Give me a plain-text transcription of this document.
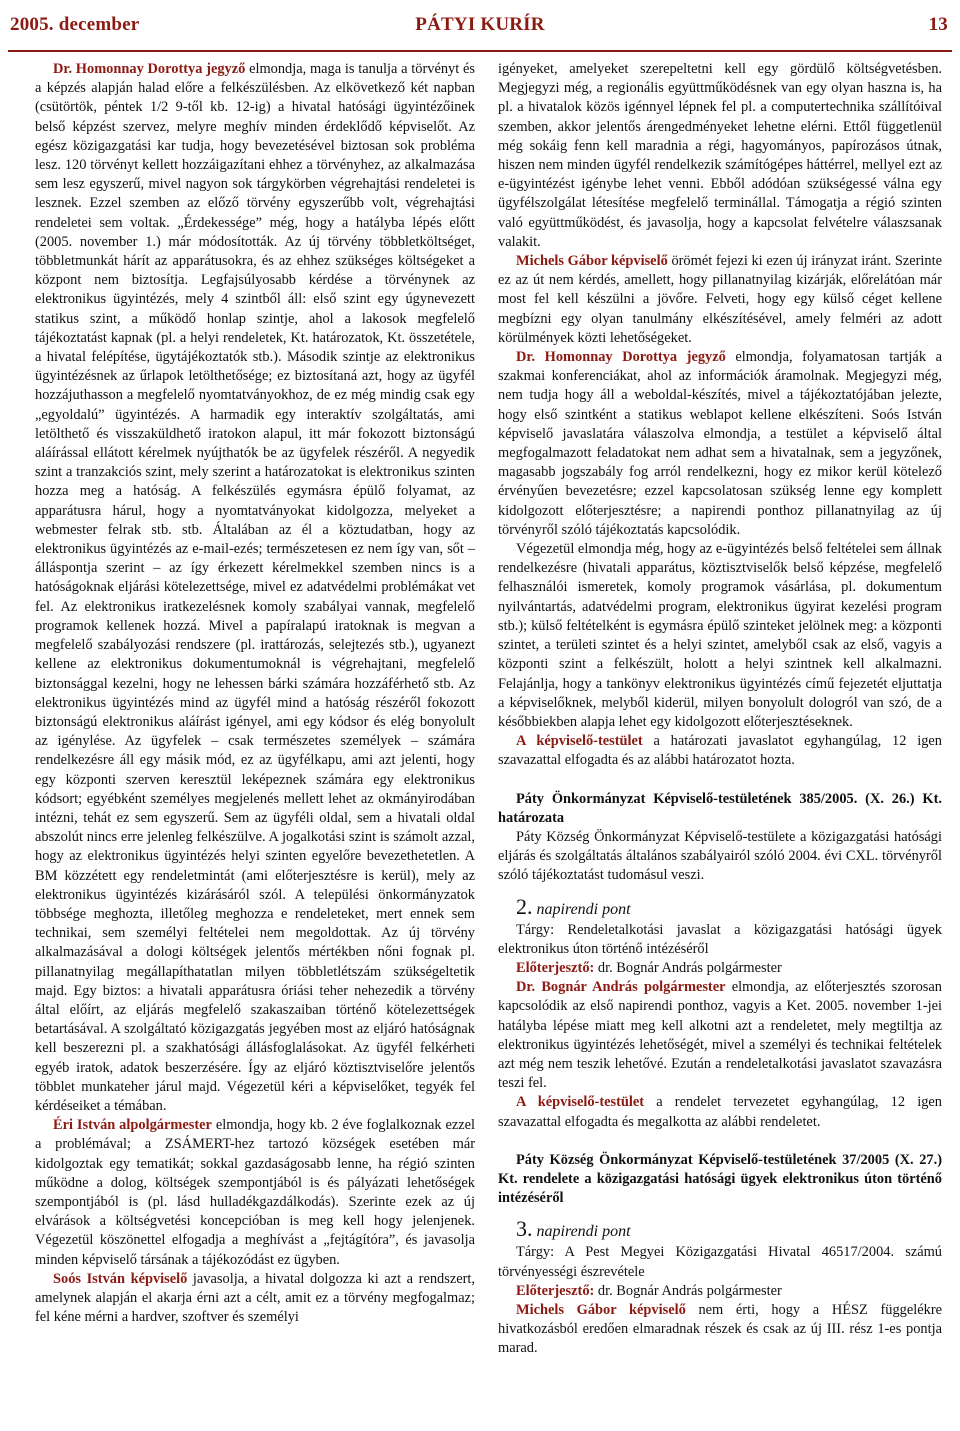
2005. december	PÁTYI KURÍR	13

Dr. Homonnay Dorottya jegyző elmondja, maga is tanulja a törvényt és a képzés alapján halad előre a felkészülésben. Az elkövetkező két napban (csütörtök, péntek 1/2 9-től kb. 12-ig) a hivatal hatósági ügyintézőinek belső képzést szervez, melyre meghív minden érdeklődő képviselőt. Az egész közigazgatási kar tudja, hogy bevezetésével biztosan sok probléma lesz. 120 törvényt kellett hozzáigazítani ehhez a törvényhez, az alkalmazása sem lesz egyszerű, mivel nagyon sok tárgykörben végrehajtási rendeletei is lesznek. Ezzel szemben az előző törvény egyszerűbb volt, végrehajtási rendeletei sem voltak. „Érdekessége” még, hogy a hatályba lépés előtt (2005. november 1.) már módosították. Az új törvény többletköltséget, többletmunkát hárít az apparátusokra, és az ehhez szükséges költségeket a központ nem biztosítja. Legfajsúlyosabb kérdése a törvénynek az elektronikus ügyintézés, mely 4 szintből áll: első szint egy úgynevezett statikus szint, a működő honlap szintje, ahol a lakosok megfelelő tájékoztatást kapnak (pl. a helyi rendeletek, Kt. határozatok, Kt. összetétele, a hivatal felépítése, ügytájékoztatók stb.). Második szintje az elektronikus ügyintézésnek az űrlapok letölthetősége; ez biztosítaná azt, hogy az ügyfél hozzájuthasson a megfelelő nyomtatványokhoz, de ez még mindig csak egy „egyoldalú” ügyintézés. A harmadik egy interaktív szolgáltatás, ami letölthető és visszaküldhető iratokon alapul, itt már fokozott biztonságú aláírással ellátott kérelmek nyújthatók be az ügyfelek részéről. A negyedik szint a tranzakciós szint, mely szerint a határozatokat is elektronikus szinten hozza meg a hatóság. A felkészülés egymásra épülő folyamat, az apparátusra hárul, hogy a nyomtatványokat kidolgozza, melyeket a webmester felrak stb. stb. Általában az él a köztudatban, hogy az elektronikus ügyintézés az e-mail-ezés; természetesen ez nem így van, sőt – álláspontja szerint – az így érkezett kérelmekkel szemben nincs is a hatóságoknak eljárási kötelezettsége, mivel ez adatvédelmi problémákat vet fel. Az elektronikus iratkezelésnek komoly szabályai vannak, megfelelő programok kellenek hozzá. Mivel a papíralapú iratoknak is megvan a megfelelő szabályozási rendszere (pl. irattározás, selejtezés stb.), ugyanezt kellene az elektronikus dokumentumoknál is végrehajtani, megfelelő biztonsággal kezelni, hogy ne lehessen bárki számára hozzáférhető stb. Az elektronikus ügyintézés mind az ügyfél mind a hatóság részéről fokozott biztonságú elektronikus aláírást igényel, ami egy kódsor és elég bonyolult az igénylése. Az ügyfelek – csak természetes személyek – számára rendelkezésre áll egy másik mód, ez az ügyfélkapu, ami azt jelenti, hogy egy központi szerven keresztül leképeznek számára egy elektronikus kódsort; egyébként személyes megjelenés mellett lehet az okmányirodában intézni, tehát ez sem egyszerű. Sem az ügyféli oldal, sem a hivatali oldal abszolút nincs erre jelenleg felkészülve. A jogalkotási szint is számolt azzal, hogy az elektronikus ügyintézés helyi szinten egyelőre bevezethetetlen. A BM közzétett egy rendeletmintát (ami előterjesztésre is kerül), mely az elektronikus ügyintézés kizárásáról szól. A települési önkormányzatok többsége meghozta, illetőleg meghozza e rendeleteket, mert ennek sem technikai, sem személyi feltételei nem megoldottak. Az új törvény alkalmazásával a dologi költségek jelentős mértékben nőni fognak pl. pillanatnyilag megállapíthatatlan milyen többletlétszám szükségeltetik majd. Egy biztos: a hivatali apparátusra óriási teher nehezedik a törvény által előírt, az eljárás megfelelő szakaszaiban történő kötelezettségek betartásával. A szolgáltató közigazgatás jegyében most az eljáró hatóságnak kell beszerezni pl. a szakhatósági állásfoglalásokat. Az ügyfél felkérheti egyéb iratok, adatok beszerzésére. Így az eljáró köztisztviselőre jelentős többlet munkateher járul majd. Végezetül kéri a képviselőket, tegyék fel kérdéseiket a témában.

Éri István alpolgármester elmondja, hogy kb. 2 éve foglalkoznak ezzel a problémával; a ZSÁMERT-hez tartozó községek esetében már kidolgoztak egy tematikát; sokkal gazdaságosabb lenne, ha régió szinten működne a dolog, költségek szempontjából is és pályázati lehetőségek szempontjából is (pl. lásd hulladékgazdálkodás). Szerinte ezek az új elvárások a költségvetési koncepcióban is meg kell hogy jelenjenek. Végezetül köszönettel elfogadja a meghívást a „fejtágítóra”, és javasolja minden képviselő társának a tájékozódást ez ügyben.

Soós István képviselő javasolja, a hivatal dolgozza ki azt a rendszert, amelynek alapján el akarja érni azt a célt, amit ez a törvény megfogalmaz; fel kéne mérni a hardver, szoftver és személyi

igényeket, amelyeket szerepeltetni kell egy gördülő költségvetésben. Megjegyzi még, a regionális együttműködésnek van egy olyan haszna is, ha pl. a hivatalok közös igénnyel lépnek fel pl. a computertechnika szállítóival szemben, akkor jelentős árengedményeket lehetne elérni. Ettől függetlenül még sokáig fenn kell maradnia a régi, hagyományos, papírozásos útnak, hiszen nem minden ügyfél rendelkezik számítógépes háttérrel, mellyel ezt az e-ügyintézést igénybe lehet venni. Ebből adódóan szükségessé válna egy ügyfélszolgálat létesítése megfelelő terminállal. Támogatja a régió szinten való együttműködést, és javasolja, hogy a kapcsolat felvételre válaszsanak valakit.

Michels Gábor képviselő örömét fejezi ki ezen új irányzat iránt. Szerinte ez az út nem kérdés, amellett, hogy pillanatnyilag kizárják, előrelátóan már most fel kell készülni a jövőre. Felveti, hogy egy külső céget kellene megbízni egy olyan tanulmány elkészítésével, amely felméri az adott körülmények közti lehetőségeket.

Dr. Homonnay Dorottya jegyző elmondja, folyamatosan tartják a szakmai konferenciákat, ahol az információk áramolnak. Megjegyzi még, nem tudja hogy áll a weboldal-készítés, mivel a tájékoztatójában jelezte, hogy első szintként a statikus weblapot kellene elkészíteni. Soós István képviselő javaslatára válaszolva elmondja, a testület a képviselő által megfogalmazott feladatokat nem adhat sem a hivatalnak, sem a jegyzőnek, magasabb jogszabály fog arról rendelkezni, hogy ez mikor kerül kötelező érvényűen bevezetésre; ezzel kapcsolatosan szükség lenne egy komplett kidolgozott előterjesztésre; a napirendi ponthoz pillanatnyilag az új törvényről szóló tájékoztatás kapcsolódik.

Végezetül elmondja még, hogy az e-ügyintézés belső feltételei sem állnak rendelkezésre (hivatali apparátus, köztisztviselők belső képzése, megfelelő felhasználói ismeretek, komoly programok vásárlása, pl. dokumentum nyilvántartás, adatvédelmi program, elektronikus ügyirat kezelési program stb.); külső feltételként is egymásra épülő szinteket jelölnek meg: a központi szintet, a területi szintet és a helyi szintet, amelyből csak az első, vagyis a központi szint a felkészült, holott a helyi szintnek kell alkalmazni. Felajánlja, hogy a tankönyv elektronikus ügyintézés című fejezetét eljuttatja a képviselőknek, melyből kiderül, milyen bonyolult dologról van szó, de a későbbiekben alapja lehet egy kidolgozott előterjesztéseknek.

A képviselő-testület a határozati javaslatot egyhangúlag, 12 igen szavazattal elfogadta és az alábbi határozatot hozta.

Páty Önkormányzat Képviselő-testületének 385/2005. (X. 26.) Kt. határozata

Páty Község Önkormányzat Képviselő-testülete a közigazgatási hatósági eljárás és szolgáltatás általános szabályairól szóló 2004. évi CXL. törvényről szóló tájékoztatást tudomásul veszi.

2. napirendi pont

Tárgy: Rendeletalkotási javaslat a közigazgatási hatósági ügyek elektronikus úton történő intézéséről

Előterjesztő: dr. Bognár András polgármester

Dr. Bognár András polgármester elmondja, az előterjesztés szorosan kapcsolódik az első napirendi ponthoz, vagyis a Ket. 2005. november 1-jei hatályba lépése miatt meg kell alkotni azt a rendeletet, mely megtiltja az elektronikus ügyintézés lehetőségét, mivel a személyi és technikai feltételek azt még nem teszik lehetővé. Ezután a rendeletalkotási javaslatot szavazásra teszi fel.

A képviselő-testület a rendelet tervezetet egyhangúlag, 12 igen szavazattal elfogadta és megalkotta az alábbi rendeletet.

Páty Község Önkormányzat Képviselő-testületének 37/2005 (X. 27.) Kt. rendelete a közigazgatási hatósági ügyek elektronikus úton történő intézéséről

3. napirendi pont

Tárgy: A Pest Megyei Közigazgatási Hivatal 46517/2004. számú törvényességi észrevétele

Előterjesztő: dr. Bognár András polgármester

Michels Gábor képviselő nem érti, hogy a HÉSZ függelékre hivatkozásból eredően elmaradnak részek és csak az új III. rész 1-es pontja marad.
